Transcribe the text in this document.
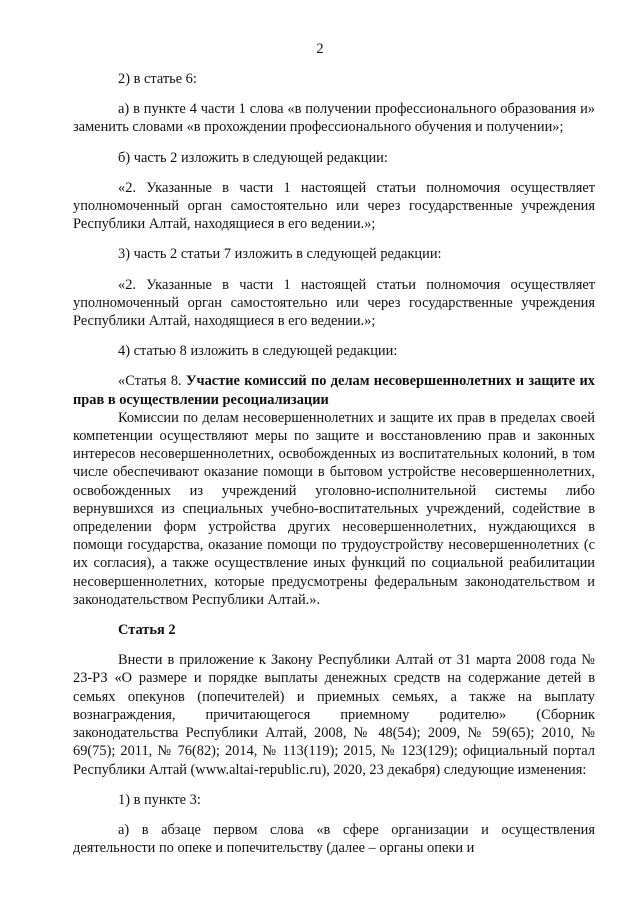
2

2) в статье 6:

а) в пункте 4 части 1 слова «в получении профессионального образования и» заменить словами «в прохождении профессионального обучения и получении»;

б) часть 2 изложить в следующей редакции:

«2. Указанные в части 1 настоящей статьи полномочия осуществляет уполномоченный орган самостоятельно или через государственные учреждения Республики Алтай, находящиеся в его ведении.»;

3) часть 2 статьи 7 изложить в следующей редакции:

«2. Указанные в части 1 настоящей статьи полномочия осуществляет уполномоченный орган самостоятельно или через государственные учреждения Республики Алтай, находящиеся в его ведении.»;

4) статью 8 изложить в следующей редакции:

«Статья 8. Участие комиссий по делам несовершеннолетних и защите их прав в осуществлении ресоциализации

Комиссии по делам несовершеннолетних и защите их прав в пределах своей компетенции осуществляют меры по защите и восстановлению прав и законных интересов несовершеннолетних, освобожденных из воспитательных колоний, в том числе обеспечивают оказание помощи в бытовом устройстве несовершеннолетних, освобожденных из учреждений уголовно-исполнительной системы либо вернувшихся из специальных учебно-воспитательных учреждений, содействие в определении форм устройства других несовершеннолетних, нуждающихся в помощи государства, оказание помощи по трудоустройству несовершеннолетних (с их согласия), а также осуществление иных функций по социальной реабилитации несовершеннолетних, которые предусмотрены федеральным законодательством и законодательством Республики Алтай.».

Статья 2

Внести в приложение к Закону Республики Алтай от 31 марта 2008 года № 23-РЗ «О размере и порядке выплаты денежных средств на содержание детей в семьях опекунов (попечителей) и приемных семьях, а также на выплату вознаграждения, причитающегося приемному родителю» (Сборник законодательства Республики Алтай, 2008, № 48(54); 2009, № 59(65); 2010, № 69(75); 2011, № 76(82); 2014, № 113(119); 2015, № 123(129); официальный портал Республики Алтай (www.altai-republic.ru), 2020, 23 декабря) следующие изменения:

1) в пункте 3:

а) в абзаце первом слова «в сфере организации и осуществления деятельности по опеке и попечительству (далее – органы опеки и
